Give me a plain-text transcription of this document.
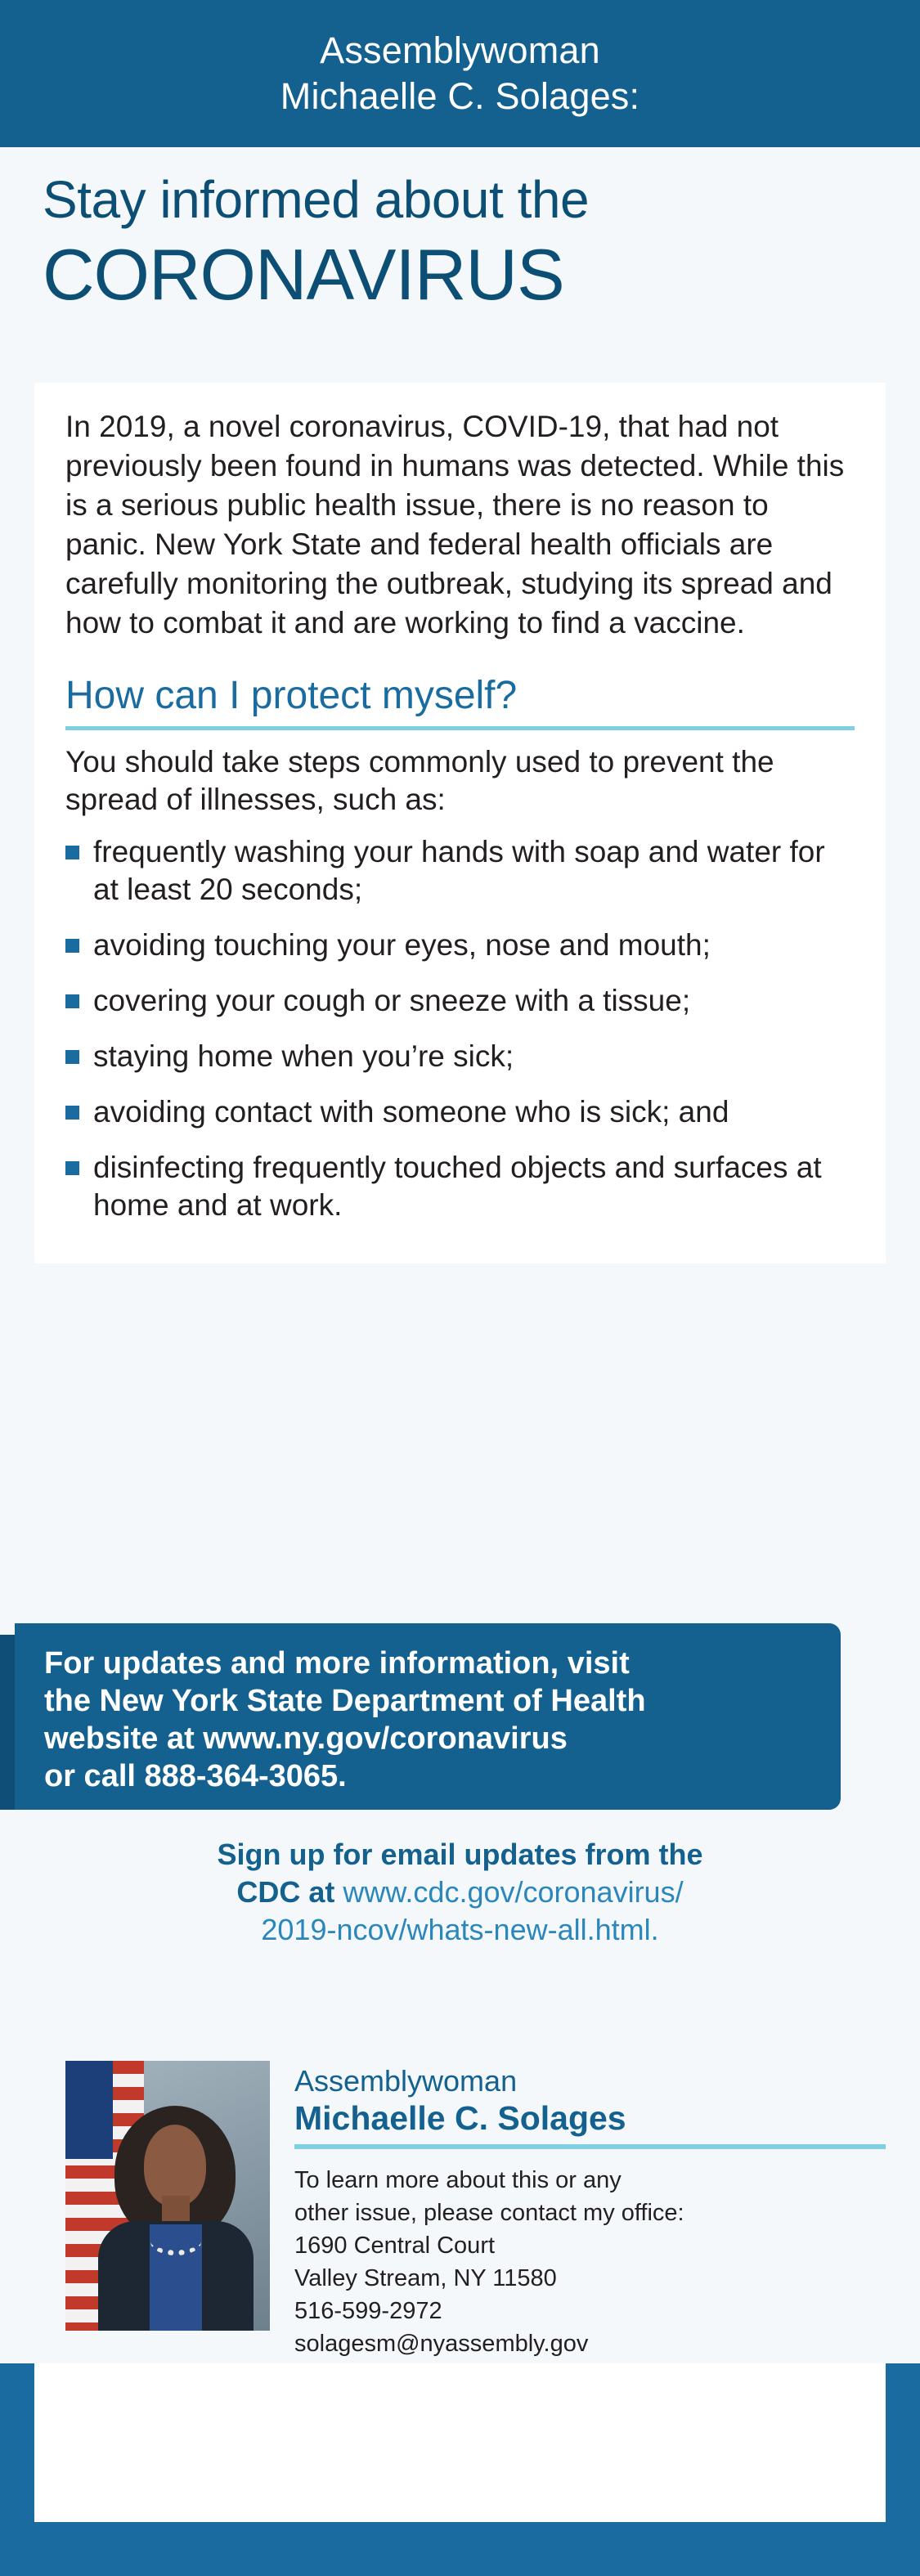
Assemblywoman
Michaelle C. Solages:
Stay informed about the
CORONAVIRUS
In 2019, a novel coronavirus, COVID-19, that had not previously been found in humans was detected. While this is a serious public health issue, there is no reason to panic. New York State and federal health officials are carefully monitoring the outbreak, studying its spread and how to combat it and are working to find a vaccine.
How can I protect myself?
You should take steps commonly used to prevent the spread of illnesses, such as:
frequently washing your hands with soap and water for at least 20 seconds;
avoiding touching your eyes, nose and mouth;
covering your cough or sneeze with a tissue;
staying home when you’re sick;
avoiding contact with someone who is sick; and
disinfecting frequently touched objects and surfaces at home and at work.

For updates and more information, visit

the New York State Department of Health

website at www.ny.gov/coronavirus

or call 888-364-3065.

Sign up for email updates from the
CDC at www.cdc.gov/coronavirus/
2019-ncov/whats-new-all.html.
Assemblywoman
Michaelle C. Solages
To learn more about this or any
other issue, please contact my office:
1690 Central Court
Valley Stream, NY 11580
516-599-2972
solagesm@nyassembly.gov
